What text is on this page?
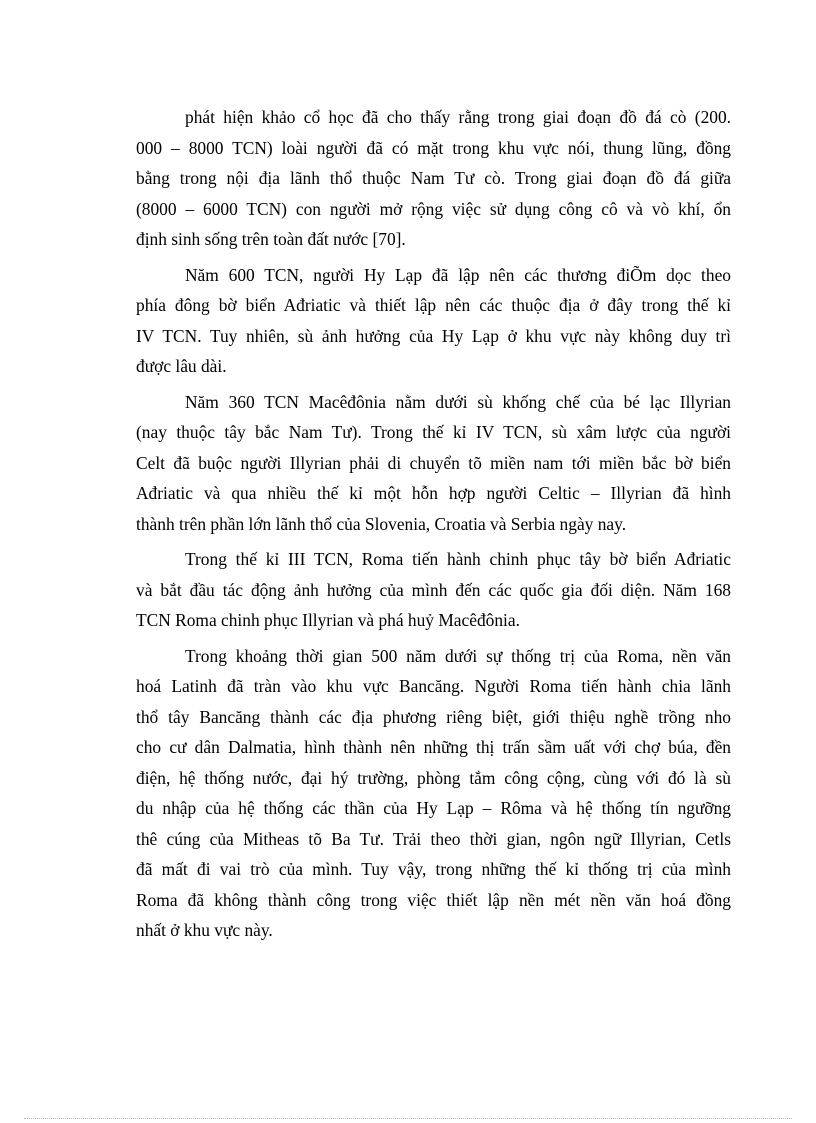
phát hiện khảo cổ học đã cho thấy rằng trong giai đoạn đồ đá cò (200.
000 – 8000 TCN) loài người đã có mặt trong khu vực nói, thung lũng, đồng
bằng trong nội địa lãnh thổ thuộc Nam Tư cò. Trong giai đoạn đồ đá giữa
(8000 – 6000 TCN) con người mở rộng việc sử dụng công cô và vò khí, ổn
định sinh sống trên toàn đất nước [70].
Năm 600 TCN, người Hy Lạp đã lập nên các thương điÕm dọc theo
phía đông bờ biển Ađriatic và thiết lập nên các thuộc địa ở đây trong thế kỉ
IV TCN. Tuy nhiên, sù ảnh hưởng của Hy Lạp ở khu vực này không duy trì
được lâu dài.
Năm 360 TCN Macêđônia nằm dưới sù khống chế của bé lạc Illyrian
(nay thuộc tây bắc Nam Tư). Trong thế kỉ IV TCN, sù xâm lược của người
Celt đã buộc người Illyrian phải di chuyển tõ miền nam tới miền bắc bờ biển
Ađriatic và qua nhiều thế kỉ một hỗn hợp người Celtic – Illyrian đã hình
thành trên phần lớn lãnh thổ của Slovenia, Croatia và Serbia ngày nay.
Trong thế kỉ III TCN, Roma tiến hành chinh phục tây bờ biển Ađriatic
và bắt đầu tác động ảnh hưởng của mình đến các quốc gia đối diện. Năm 168
TCN Roma chinh phục Illyrian và phá huỷ Macêđônia.
Trong khoảng thời gian 500 năm dưới sự thống trị của Roma, nền văn
hoá Latinh đã tràn vào khu vực Bancăng. Người Roma tiến hành chia lãnh
thổ tây Bancăng thành các địa phương riêng biệt, giới thiệu nghề trồng nho
cho cư dân Dalmatia, hình thành nên những thị trấn sầm uất với chợ búa, đền
điện, hệ thống nước, đại hý trường, phòng tắm công cộng, cùng với đó là sù
du nhập của hệ thống các thần của Hy Lạp – Rôma và hệ thống tín ngưỡng
thê cúng của Mitheas tõ Ba Tư. Trải theo thời gian, ngôn ngữ Illyrian, Cetls
đã mất đi vai trò của mình. Tuy vậy, trong những thế kỉ thống trị của mình
Roma đã không thành công trong việc thiết lập nền mét nền văn hoá đồng
nhất ở khu vực này.
